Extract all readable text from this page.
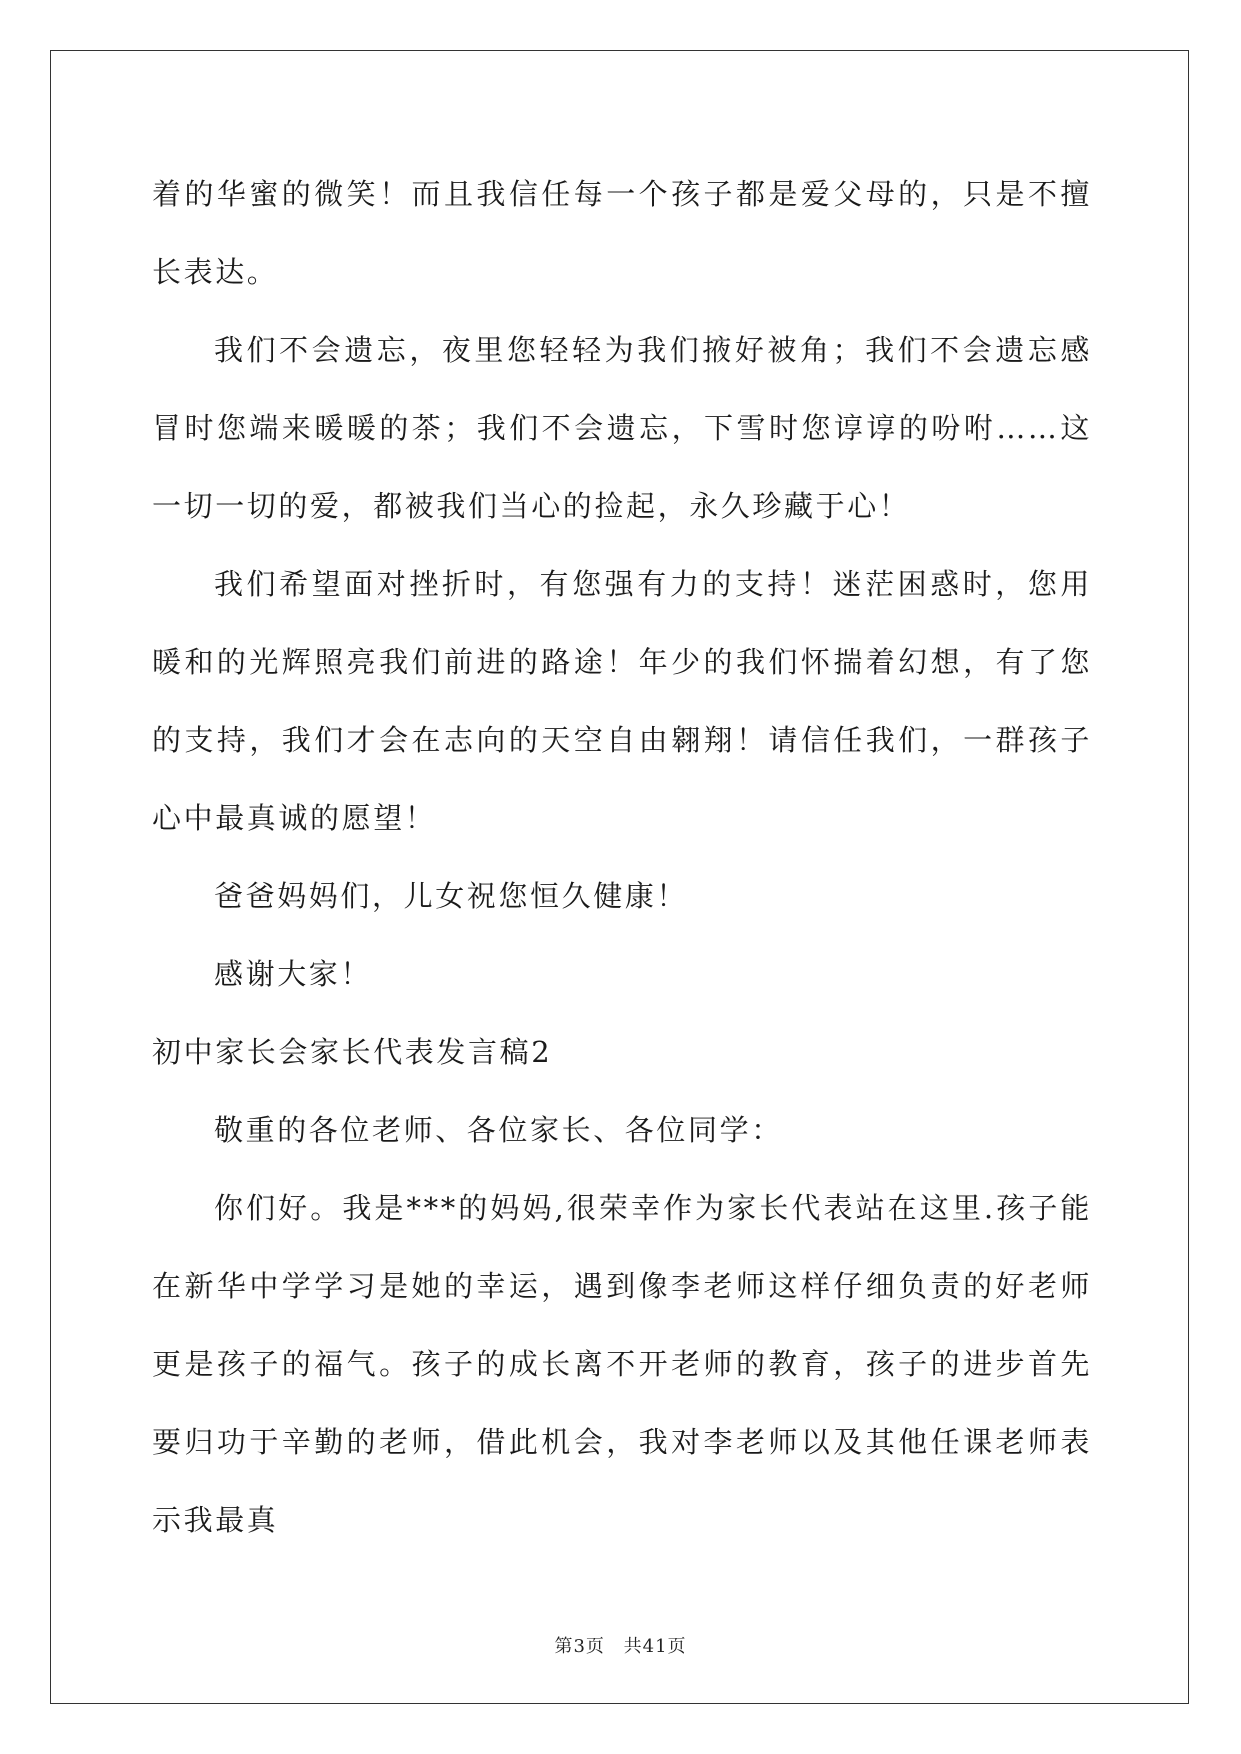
着的华蜜的微笑！而且我信任每一个孩子都是爱父母的，只是不擅长表达。

我们不会遗忘，夜里您轻轻为我们掖好被角；我们不会遗忘感冒时您端来暖暖的茶；我们不会遗忘，下雪时您谆谆的吩咐……这一切一切的爱，都被我们当心的捡起，永久珍藏于心！

我们希望面对挫折时，有您强有力的支持！迷茫困惑时，您用暖和的光辉照亮我们前进的路途！年少的我们怀揣着幻想，有了您的支持，我们才会在志向的天空自由翱翔！请信任我们，一群孩子心中最真诚的愿望！

爸爸妈妈们，儿女祝您恒久健康！

感谢大家！

初中家长会家长代表发言稿2

敬重的各位老师、各位家长、各位同学：

你们好。我是***的妈妈,很荣幸作为家长代表站在这里.孩子能在新华中学学习是她的幸运，遇到像李老师这样仔细负责的好老师更是孩子的福气。孩子的成长离不开老师的教育，孩子的进步首先要归功于辛勤的老师，借此机会，我对李老师以及其他任课老师表示我最真

第3页 共41页
